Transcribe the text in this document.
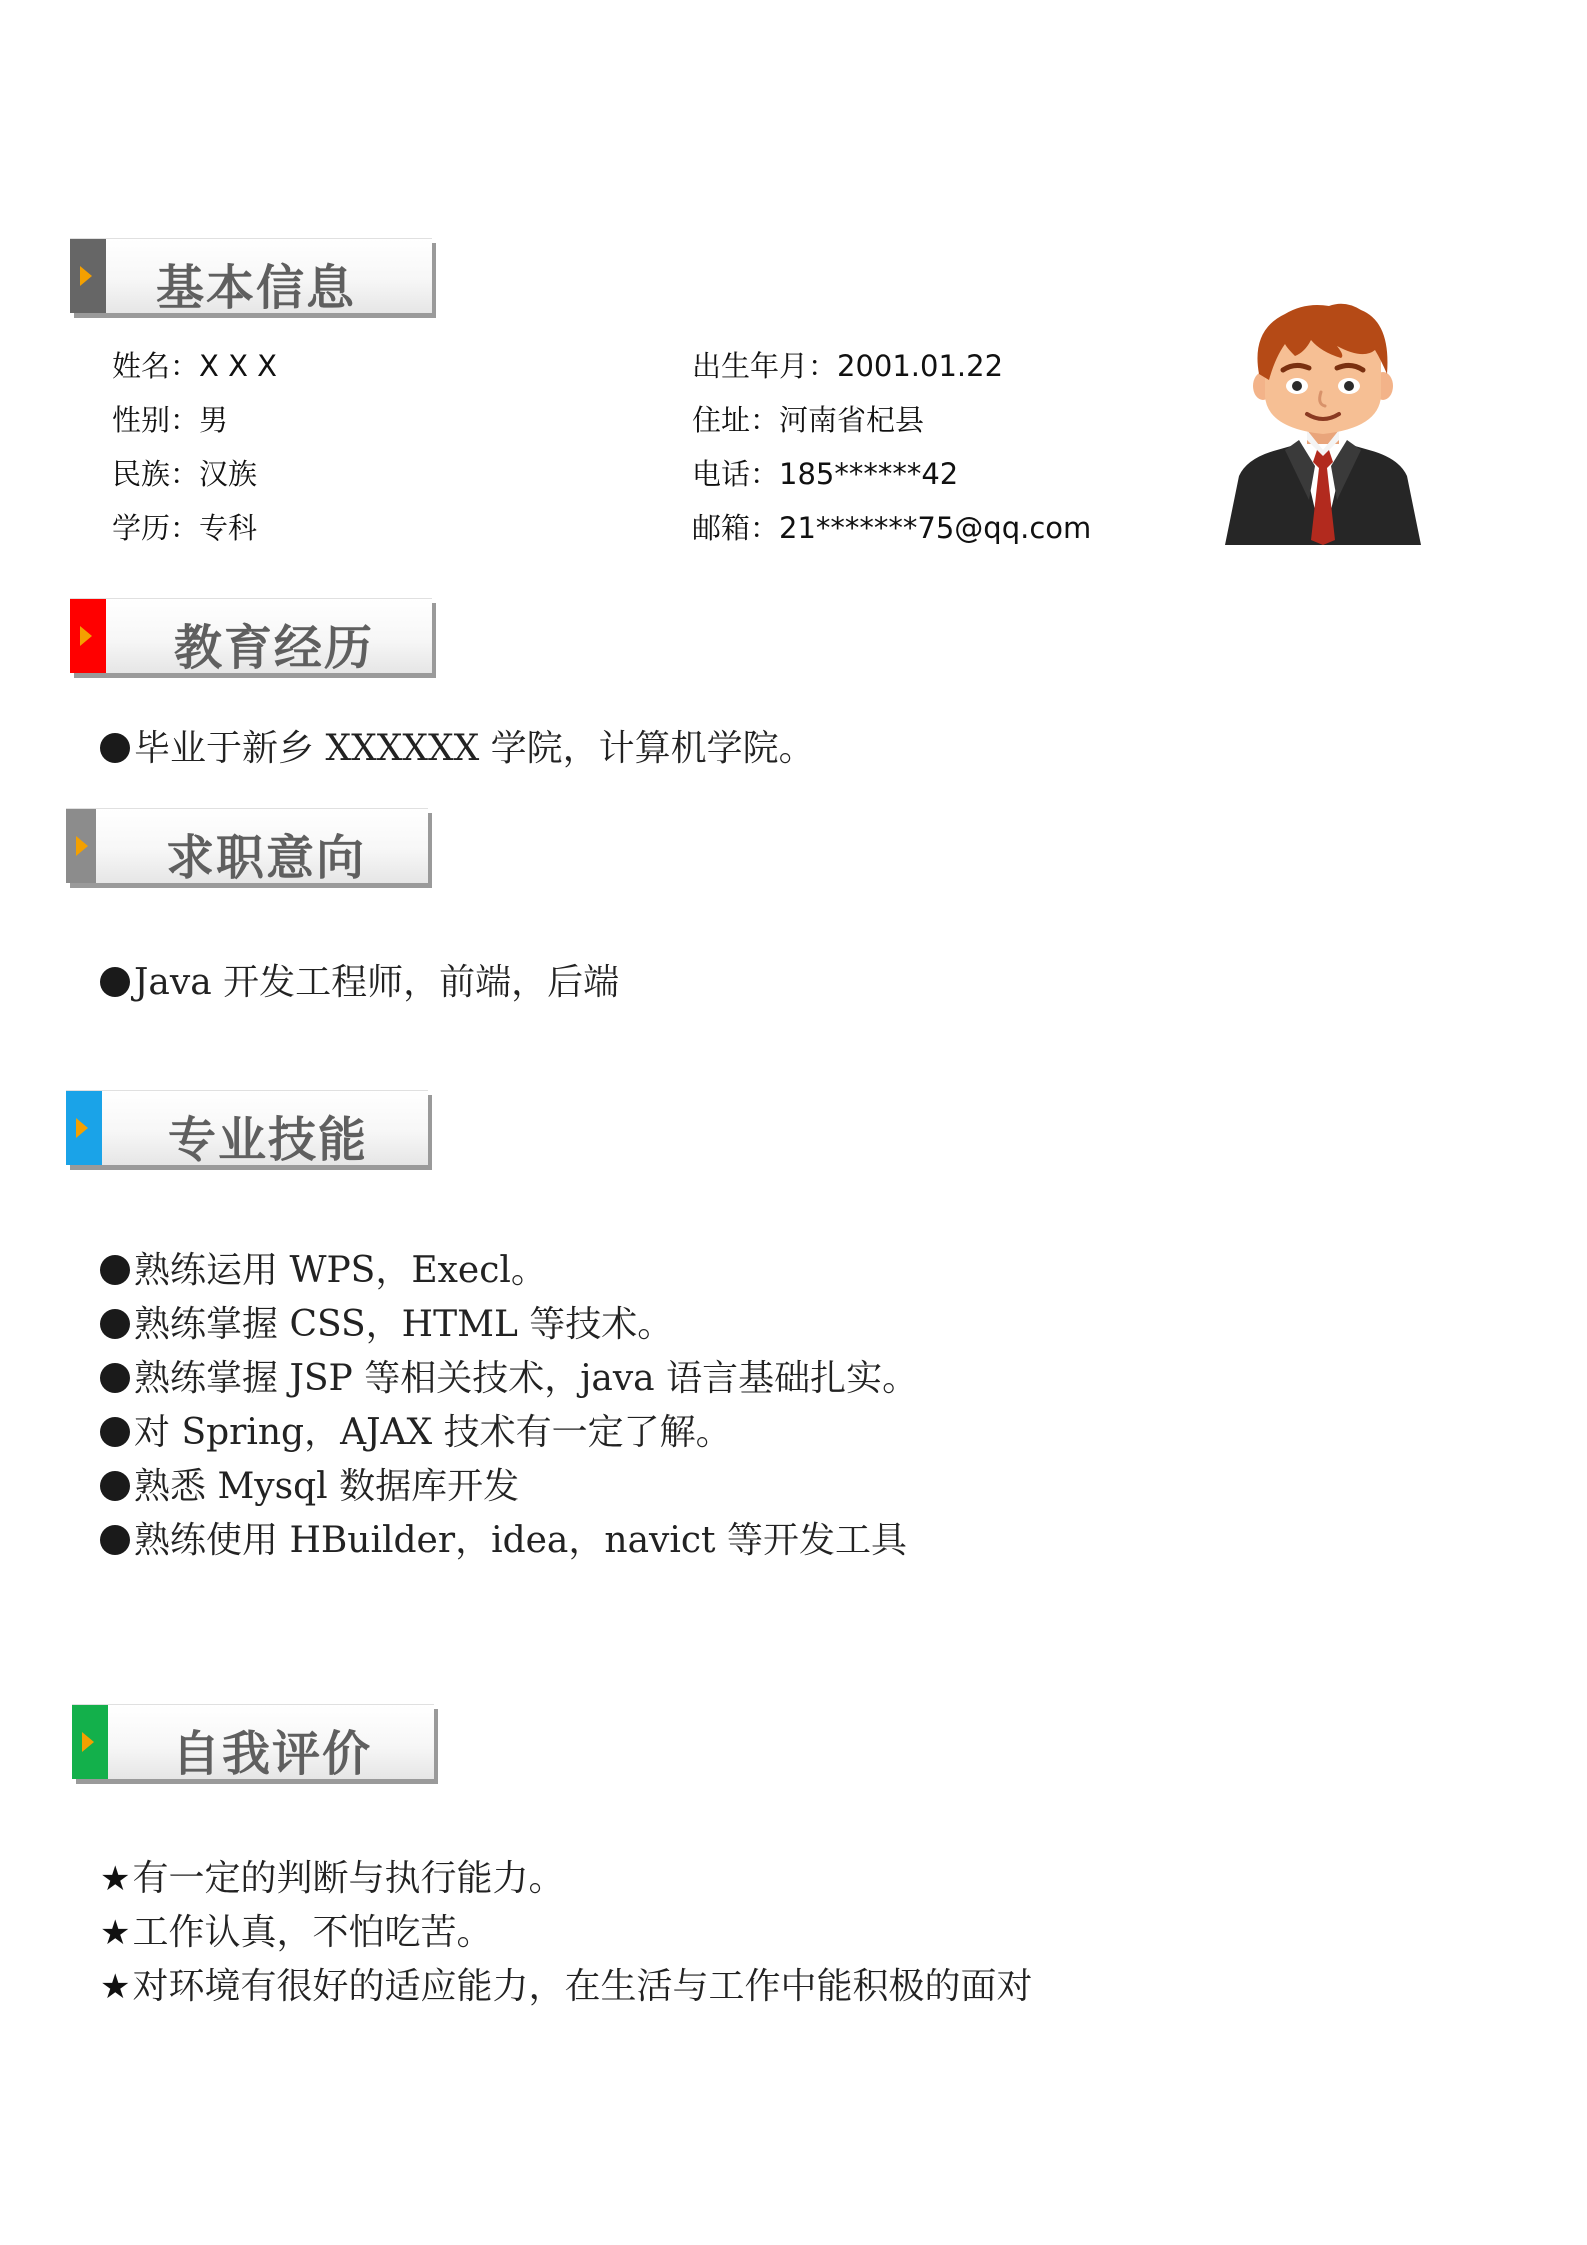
基本信息
姓名：X X X
性别：男
民族：汉族
学历：专科
出生年月：2001.01.22
住址：河南省杞县
电话：185******42
邮箱：21*******75@qq.com
教育经历
毕业于新乡 XXXXXX 学院，计算机学院。
求职意向
Java 开发工程师，前端，后端
专业技能
熟练运用 WPS，Execl。
熟练掌握 CSS，HTML 等技术。
熟练掌握 JSP 等相关技术，java 语言基础扎实。
对 Spring，AJAX 技术有一定了解。
熟悉 Mysql 数据库开发
熟练使用 HBuilder，idea，navict 等开发工具
自我评价
★有一定的判断与执行能力。
★工作认真，不怕吃苦。
★对环境有很好的适应能力，在生活与工作中能积极的面对
